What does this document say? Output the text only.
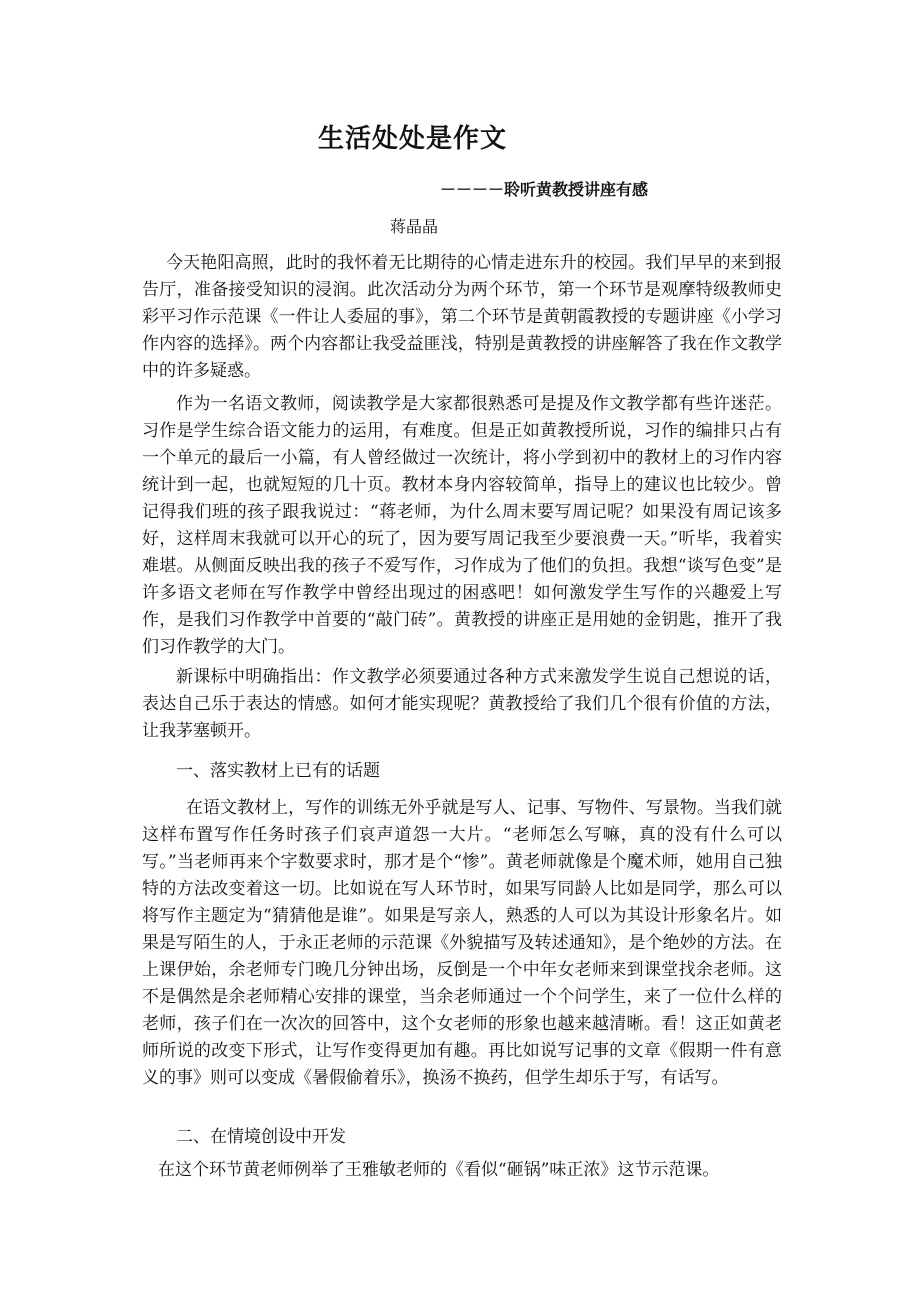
生活处处是作文
－－－－聆听黄教授讲座有感
蒋晶晶
今天艳阳高照，此时的我怀着无比期待的心情走进东升的校园。我们早早的来到报告厅，准备接受知识的浸润。此次活动分为两个环节，第一个环节是观摩特级教师史彩平习作示范课《一件让人委屈的事》，第二个环节是黄朝霞教授的专题讲座《小学习作内容的选择》。两个内容都让我受益匪浅，特别是黄教授的讲座解答了我在作文教学中的许多疑惑。
作为一名语文教师，阅读教学是大家都很熟悉可是提及作文教学都有些许迷茫。习作是学生综合语文能力的运用，有难度。但是正如黄教授所说，习作的编排只占有一个单元的最后一小篇，有人曾经做过一次统计，将小学到初中的教材上的习作内容统计到一起，也就短短的几十页。教材本身内容较简单，指导上的建议也比较少。曾记得我们班的孩子跟我说过：“蒋老师，为什么周末要写周记呢？如果没有周记该多好，这样周末我就可以开心的玩了，因为要写周记我至少要浪费一天。”听毕，我着实难堪。从侧面反映出我的孩子不爱写作，习作成为了他们的负担。我想“谈写色变”是许多语文老师在写作教学中曾经出现过的困惑吧！如何激发学生写作的兴趣爱上写作，是我们习作教学中首要的“敲门砖”。黄教授的讲座正是用她的金钥匙，推开了我们习作教学的大门。
新课标中明确指出：作文教学必须要通过各种方式来激发学生说自己想说的话，表达自己乐于表达的情感。如何才能实现呢？黄教授给了我们几个很有价值的方法，让我茅塞顿开。
一、落实教材上已有的话题
在语文教材上，写作的训练无外乎就是写人、记事、写物件、写景物。当我们就这样布置写作任务时孩子们哀声道怨一大片。“老师怎么写嘛，真的没有什么可以写。”当老师再来个字数要求时，那才是个“惨”。黄老师就像是个魔术师，她用自己独特的方法改变着这一切。比如说在写人环节时，如果写同龄人比如是同学，那么可以将写作主题定为“猜猜他是谁”。如果是写亲人，熟悉的人可以为其设计形象名片。如果是写陌生的人，于永正老师的示范课《外貌描写及转述通知》，是个绝妙的方法。在上课伊始，余老师专门晚几分钟出场，反倒是一个中年女老师来到课堂找余老师。这不是偶然是余老师精心安排的课堂，当余老师通过一个个问学生，来了一位什么样的老师，孩子们在一次次的回答中，这个女老师的形象也越来越清晰。看！这正如黄老师所说的改变下形式，让写作变得更加有趣。再比如说写记事的文章《假期一件有意义的事》则可以变成《暑假偷着乐》，换汤不换药，但学生却乐于写，有话写。
二、在情境创设中开发
在这个环节黄老师例举了王雅敏老师的《看似“砸锅”味正浓》这节示范课。
